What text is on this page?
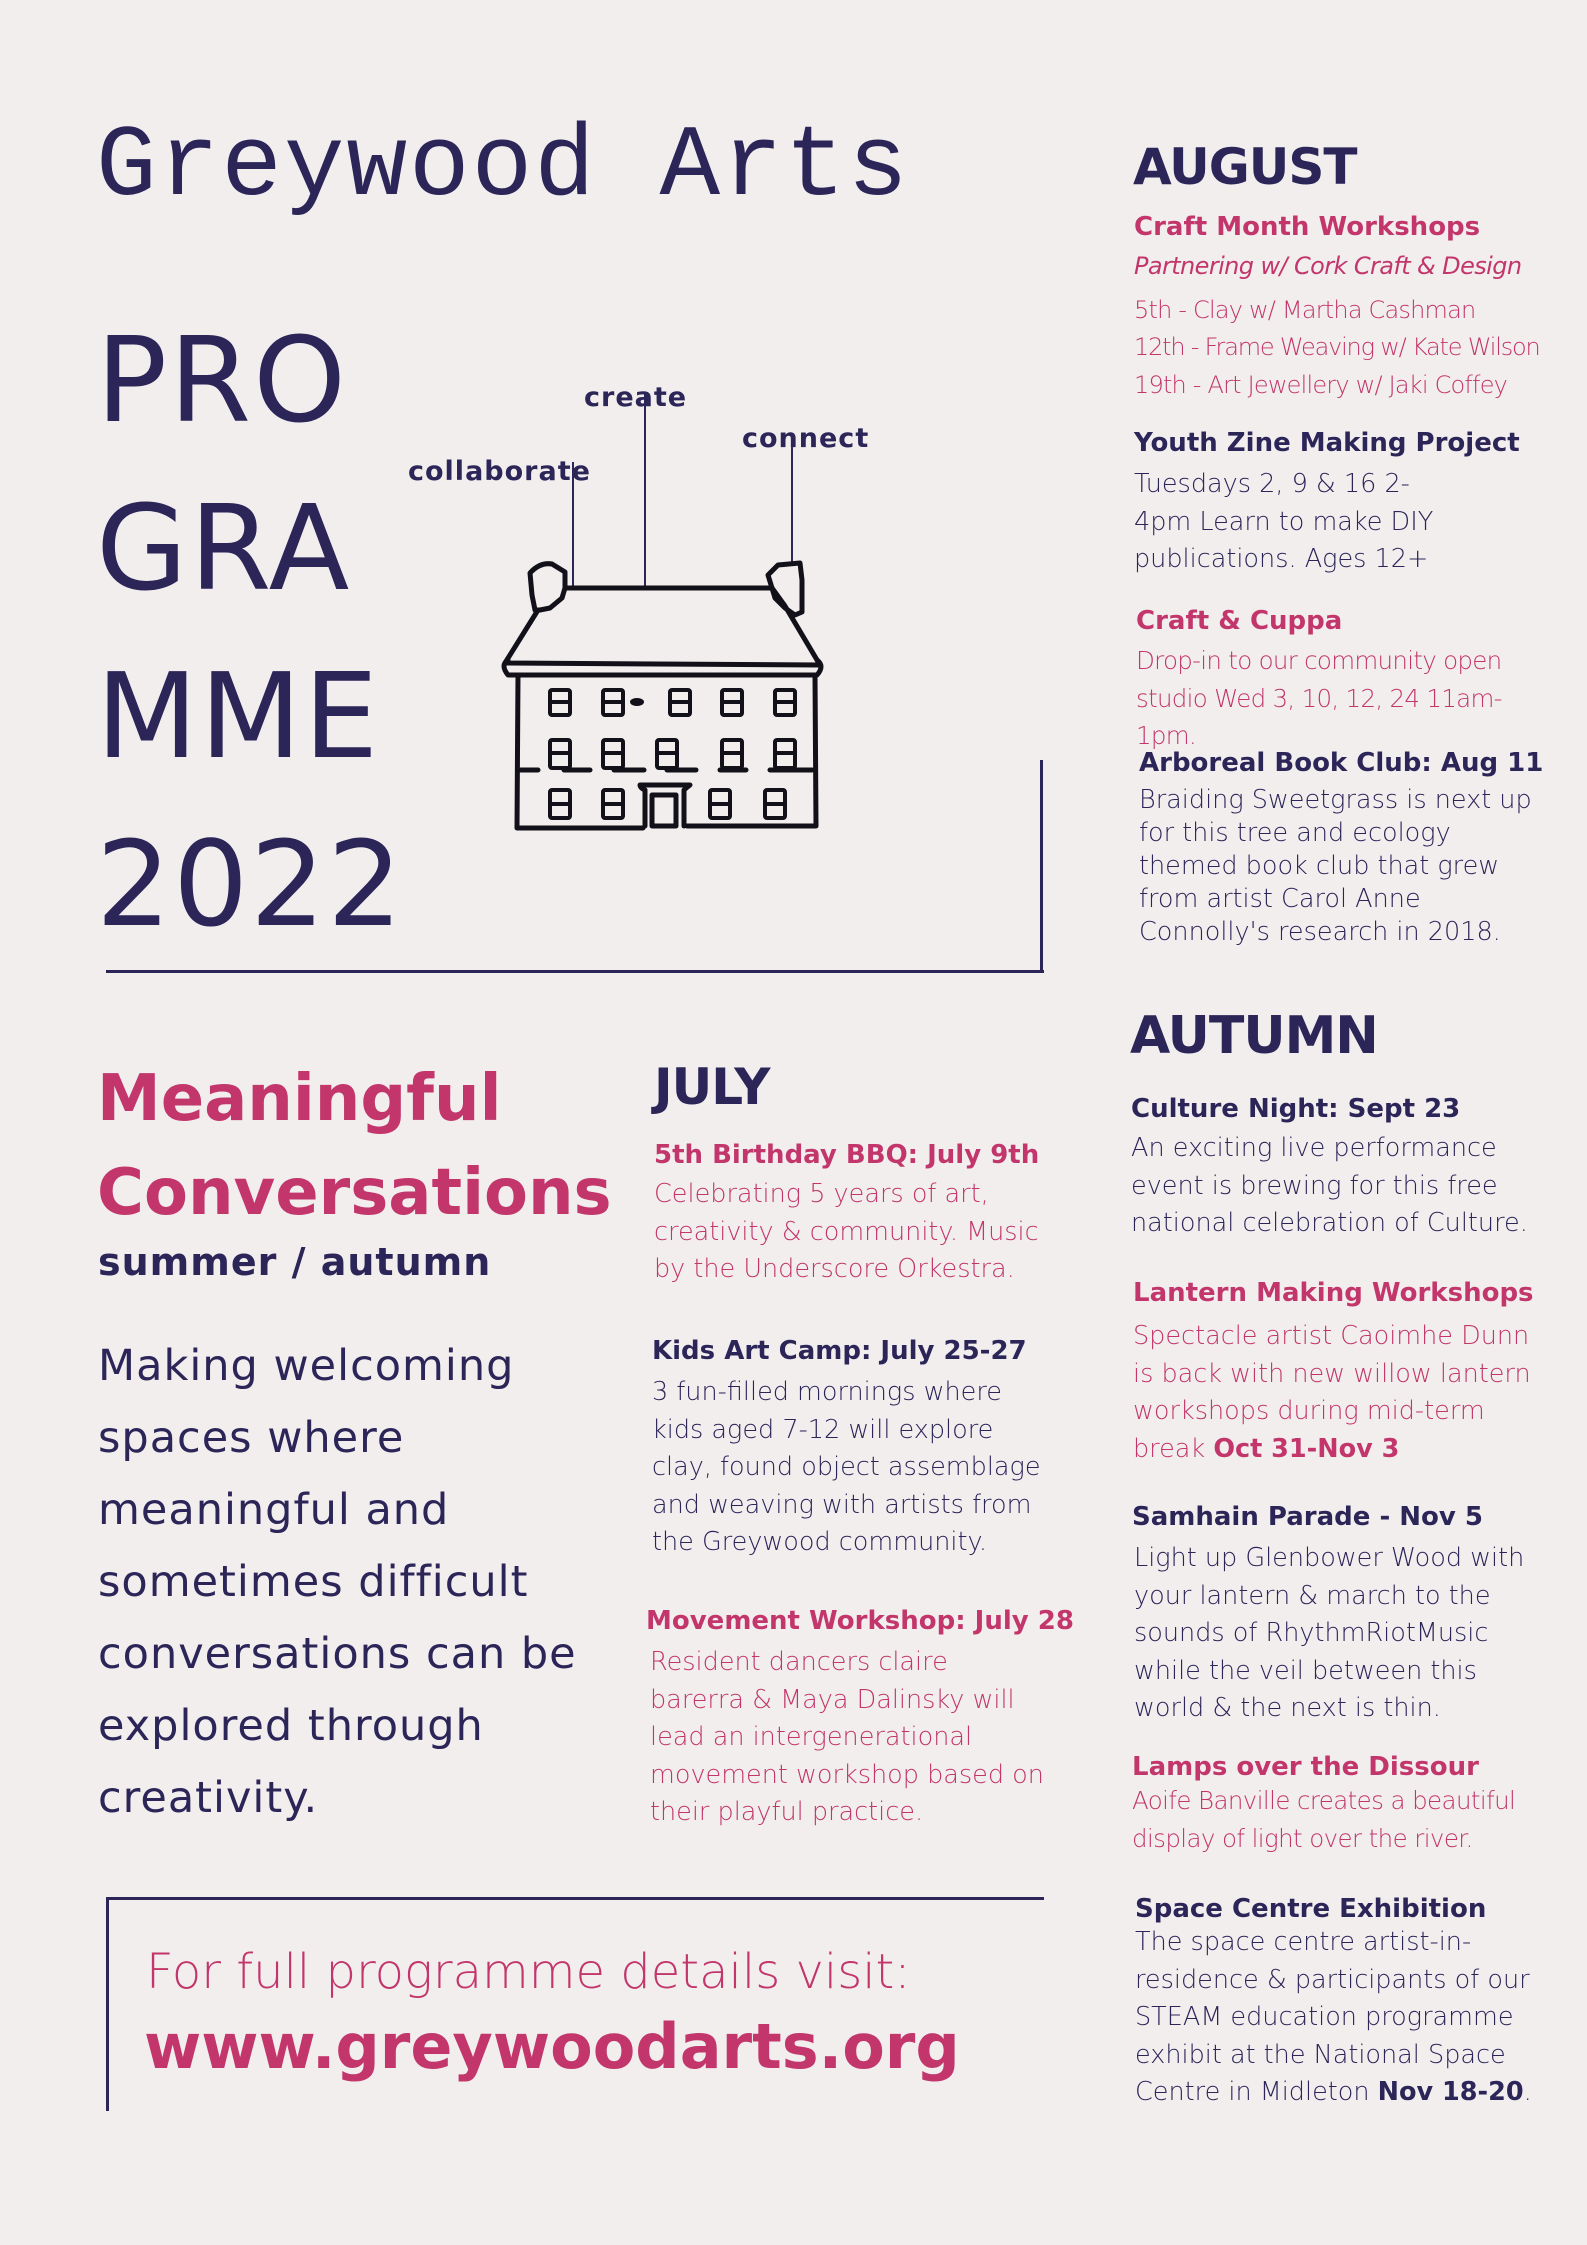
Greywood Arts
PRO
GRA
MME
2022
create
connect
collaborate
Meaningful
Conversations
summer / autumn

Making welcoming spaces where meaningful and sometimes difficult conversations can be explored through creativity.

JULY

5th Birthday BBQ: July 9th

Celebrating 5 years of art, creativity & community. Music by the Underscore Orkestra.

Kids Art Camp: July 25-27

3 fun-filled mornings where kids aged 7-12 will explore clay, found object assemblage and weaving with artists from the Greywood community.

Movement Workshop: July 28

Resident dancers claire barerra & Maya Dalinsky will lead an intergenerational movement workshop based on their playful practice.

AUGUST

Craft Month Workshops

Partnering w/ Cork Craft & Design

5th - Clay w/ Martha Cashman

12th - Frame Weaving w/ Kate Wilson

19th - Art Jewellery w/ Jaki Coffey

Youth Zine Making Project

Tuesdays 2, 9 & 16 2-4pm Learn to make DIY publications. Ages 12+

Craft & Cuppa

Drop-in to our community open studio Wed 3, 10, 12, 24 11am-1pm.

Arboreal Book Club: Aug 11

Braiding Sweetgrass is next up for this tree and ecology themed book club that grew from artist Carol Anne Connolly's research in 2018.

AUTUMN

Culture Night: Sept 23

An exciting live performance event is brewing for this free national celebration of Culture.

Lantern Making Workshops

Spectacle artist Caoimhe Dunn is back with new willow lantern workshops during mid-term break Oct 31-Nov 3

Samhain Parade - Nov 5

Light up Glenbower Wood with your lantern & march to the sounds of RhythmRiotMusic while the veil between this world & the next is thin.

Lamps over the Dissour

Aoife Banville creates a beautiful display of light over the river.

Space Centre Exhibition

The space centre artist-in-residence & participants of our STEAM education programme exhibit at the National Space Centre in Midleton Nov 18-20.

For full programme details visit:
www.greywoodarts.org
